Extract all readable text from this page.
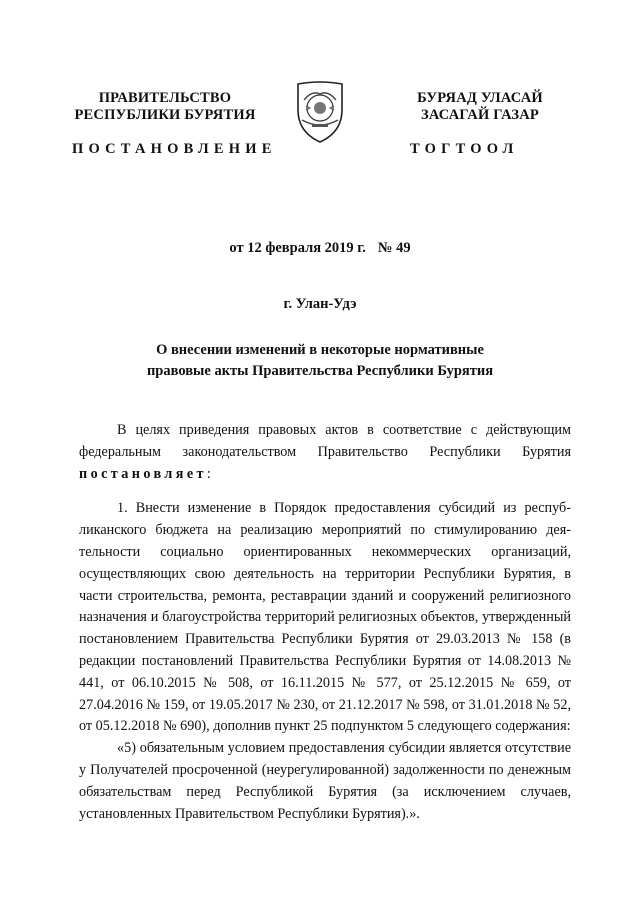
ПРАВИТЕЛЬСТВО
РЕСПУБЛИКИ БУРЯТИЯ
БУРЯАД УЛАСАЙ
ЗАСАГАЙ ГАЗАР
ПОСТАНОВЛЕНИЕ	ТОГТООЛ
от 12 февраля 2019 г. № 49
г. Улан-Удэ
О внесении изменений в некоторые нормативные
правовые акты Правительства Республики Бурятия

В целях приведения правовых актов в соответствие с действующим федеральным законодательством Правительство Республики Бурятия постановляет:

1. Внести изменение в Порядок предоставления субсидий из республиканского бюджета на реализацию мероприятий по стимулированию деятельности социально ориентированных некоммерческих организаций, осуществляющих свою деятельность на территории Республики Бурятия, в части строительства, ремонта, реставрации зданий и сооружений религиозного назначения и благоустройства территорий религиозных объектов, утвержденный постановлением Правительства Республики Бурятия от 29.03.2013 № 158 (в редакции постановлений Правительства Республики Бурятия от 14.08.2013 № 441, от 06.10.2015 № 508, от 16.11.2015 № 577, от 25.12.2015 № 659, от 27.04.2016 № 159, от 19.05.2017 № 230, от 21.12.2017 № 598, от 31.01.2018 № 52, от 05.12.2018 № 690), дополнив пункт 25 подпунктом 5 следующего содержания:

«5) обязательным условием предоставления субсидии является отсутствие у Получателей просроченной (неурегулированной) задолженности по денежным обязательствам перед Республикой Бурятия (за исключением случаев, установленных Правительством Республики Бурятия).».
